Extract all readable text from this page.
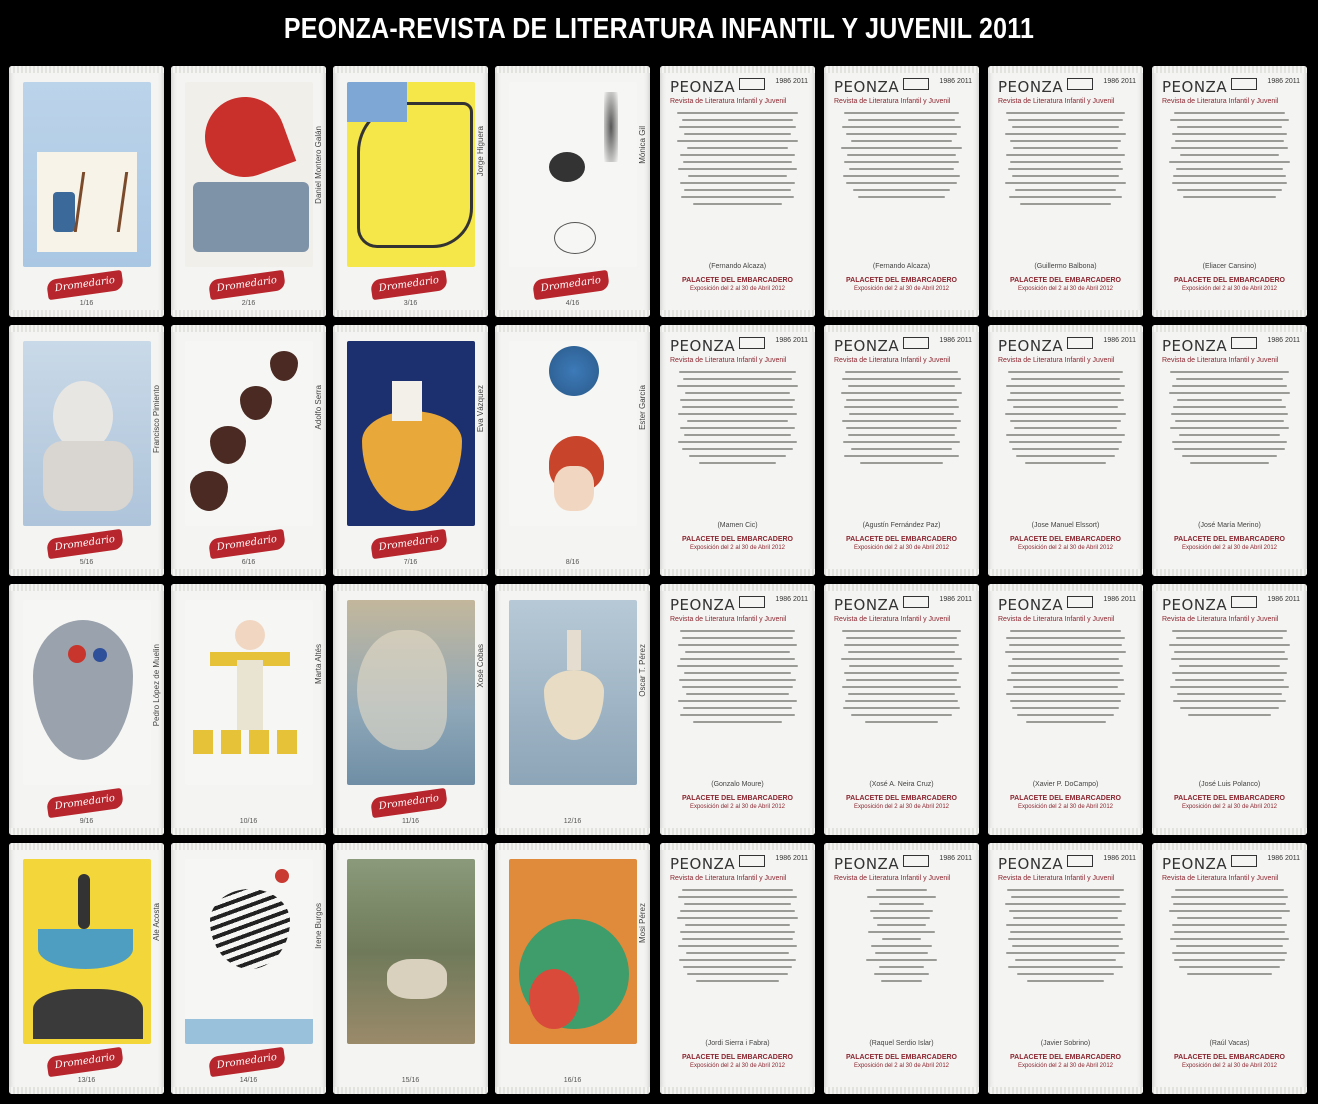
PEONZA-REVISTA DE LITERATURA INFANTIL Y JUVENIL 2011
Dromedario
1/16
Daniel Montero Galán
Dromedario
2/16
Jorge Higuera
Dromedario
3/16
Mónica Gil
Dromedario
4/16
PEONZA	1986 2011
Revista de Literatura Infantil y Juvenil
(Fernando Alcaza)
PALACETE DEL EMBARCADERO
Exposición del 2 al 30 de Abril 2012
PEONZA	1986 2011
Revista de Literatura Infantil y Juvenil
(Fernando Alcaza)
PALACETE DEL EMBARCADERO
Exposición del 2 al 30 de Abril 2012
PEONZA	1986 2011
Revista de Literatura Infantil y Juvenil
(Guillermo Balbona)
PALACETE DEL EMBARCADERO
Exposición del 2 al 30 de Abril 2012
PEONZA	1986 2011
Revista de Literatura Infantil y Juvenil
(Eliacer Cansino)
PALACETE DEL EMBARCADERO
Exposición del 2 al 30 de Abril 2012
Francisco Pimiento
Dromedario
5/16
Adolfo Serra
Dromedario
6/16
Eva Vázquez
Dromedario
7/16
Ester García
8/16
PEONZA	1986 2011
Revista de Literatura Infantil y Juvenil
(Mamen Cic)
PALACETE DEL EMBARCADERO
Exposición del 2 al 30 de Abril 2012
PEONZA	1986 2011
Revista de Literatura Infantil y Juvenil
(Agustín Fernández Paz)
PALACETE DEL EMBARCADERO
Exposición del 2 al 30 de Abril 2012
PEONZA	1986 2011
Revista de Literatura Infantil y Juvenil
(Jose Manuel Elssort)
PALACETE DEL EMBARCADERO
Exposición del 2 al 30 de Abril 2012
PEONZA	1986 2011
Revista de Literatura Infantil y Juvenil
(José María Merino)
PALACETE DEL EMBARCADERO
Exposición del 2 al 30 de Abril 2012
Pedro López de Muelin
Dromedario
9/16
Marta Altés
10/16
Xosé Cobas
Dromedario
11/16
Oscar T. Pérez
12/16
PEONZA	1986 2011
Revista de Literatura Infantil y Juvenil
(Gonzalo Moure)
PALACETE DEL EMBARCADERO
Exposición del 2 al 30 de Abril 2012
PEONZA	1986 2011
Revista de Literatura Infantil y Juvenil
(Xosé A. Neira Cruz)
PALACETE DEL EMBARCADERO
Exposición del 2 al 30 de Abril 2012
PEONZA	1986 2011
Revista de Literatura Infantil y Juvenil
(Xavier P. DoCampo)
PALACETE DEL EMBARCADERO
Exposición del 2 al 30 de Abril 2012
PEONZA	1986 2011
Revista de Literatura Infantil y Juvenil
(José Luis Polanco)
PALACETE DEL EMBARCADERO
Exposición del 2 al 30 de Abril 2012
Ale Acosta
Dromedario
13/16
Irene Burgos
Dromedario
14/16	15/16
Mosi Pérez
16/16
PEONZA	1986 2011
Revista de Literatura Infantil y Juvenil
(Jordi Sierra i Fabra)
PALACETE DEL EMBARCADERO
Exposición del 2 al 30 de Abril 2012
PEONZA	1986 2011
Revista de Literatura Infantil y Juvenil
(Raquel Serdio Islar)
PALACETE DEL EMBARCADERO
Exposición del 2 al 30 de Abril 2012
PEONZA	1986 2011
Revista de Literatura Infantil y Juvenil
(Javier Sobrino)
PALACETE DEL EMBARCADERO
Exposición del 2 al 30 de Abril 2012
PEONZA	1986 2011
Revista de Literatura Infantil y Juvenil
(Raúl Vacas)
PALACETE DEL EMBARCADERO
Exposición del 2 al 30 de Abril 2012
